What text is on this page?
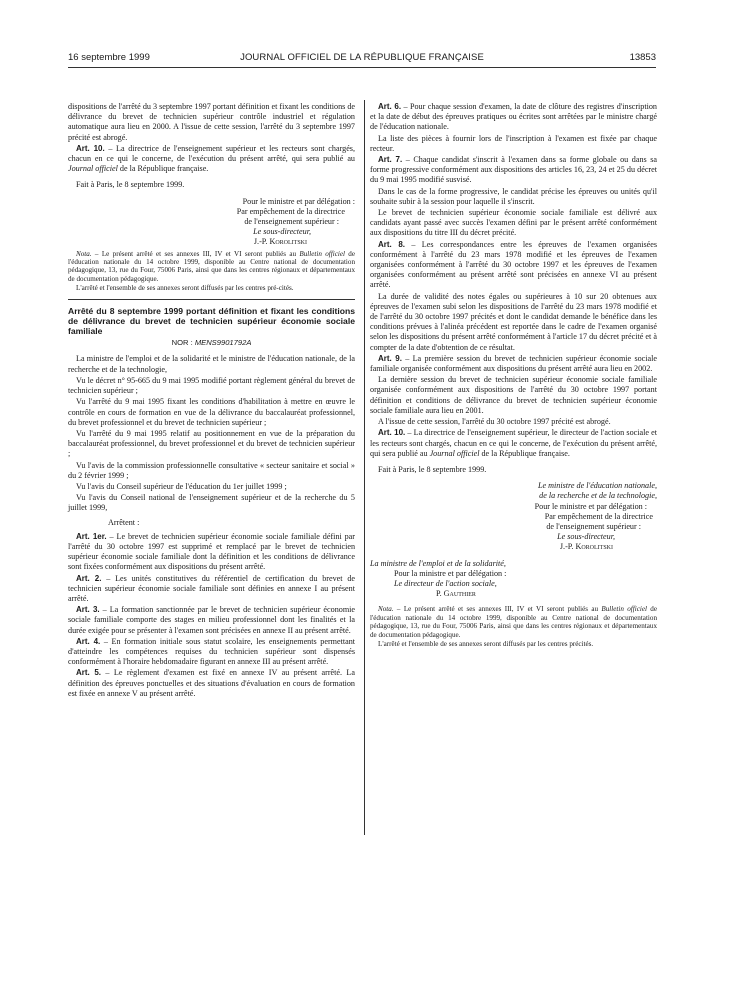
16 septembre 1999	JOURNAL OFFICIEL DE LA RÉPUBLIQUE FRANÇAISE	13853

dispositions de l'arrêté du 3 septembre 1997 portant définition et fixant les conditions de délivrance du brevet de technicien supérieur contrôle industriel et régulation automatique aura lieu en 2000. A l'issue de cette session, l'arrêté du 3 septembre 1997 précité est abrogé.

Art. 10. – La directrice de l'enseignement supérieur et les recteurs sont chargés, chacun en ce qui le concerne, de l'exécution du présent arrêté, qui sera publié au Journal officiel de la République française.

Fait à Paris, le 8 septembre 1999.

Pour le ministre et par délégation :
Par empêchement de la directrice
de l'enseignement supérieur :
Le sous-directeur,
J.-P. Korolitski

Nota. – Le présent arrêté et ses annexes III, IV et VI seront publiés au Bulletin officiel de l'éducation nationale du 14 octobre 1999, disponible au Centre national de documentation pédagogique, 13, rue du Four, 75006 Paris, ainsi que dans les centres régionaux et départementaux de documentation pédagogique.

L'arrêté et l'ensemble de ses annexes seront diffusés par les centres pré-cités.

Arrêté du 8 septembre 1999 portant définition et fixant les conditions de délivrance du brevet de technicien supérieur économie sociale familiale
NOR : MENS9901792A

La ministre de l'emploi et de la solidarité et le ministre de l'éducation nationale, de la recherche et de la technologie,

Vu le décret n° 95-665 du 9 mai 1995 modifié portant règlement général du brevet de technicien supérieur ;

Vu l'arrêté du 9 mai 1995 fixant les conditions d'habilitation à mettre en œuvre le contrôle en cours de formation en vue de la délivrance du baccalauréat professionnel, du brevet professionnel et du brevet de technicien supérieur ;

Vu l'arrêté du 9 mai 1995 relatif au positionnement en vue de la préparation du baccalauréat professionnel, du brevet professionnel et du brevet de technicien supérieur ;

Vu l'avis de la commission professionnelle consultative « secteur sanitaire et social » du 2 février 1999 ;

Vu l'avis du Conseil supérieur de l'éducation du 1er juillet 1999 ;

Vu l'avis du Conseil national de l'enseignement supérieur et de la recherche du 5 juillet 1999,

Arrêtent :

Art. 1er. – Le brevet de technicien supérieur économie sociale familiale défini par l'arrêté du 30 octobre 1997 est supprimé et remplacé par le brevet de technicien supérieur économie sociale familiale dont la définition et les conditions de délivrance sont fixées conformément aux dispositions du présent arrêté.

Art. 2. – Les unités constitutives du référentiel de certification du brevet de technicien supérieur économie sociale familiale sont définies en annexe I au présent arrêté.

Art. 3. – La formation sanctionnée par le brevet de technicien supérieur économie sociale familiale comporte des stages en milieu professionnel dont les finalités et la durée exigée pour se présenter à l'examen sont précisées en annexe II au présent arrêté.

Art. 4. – En formation initiale sous statut scolaire, les enseignements permettant d'atteindre les compétences requises du technicien supérieur sont dispensés conformément à l'horaire hebdomadaire figurant en annexe III au présent arrêté.

Art. 5. – Le règlement d'examen est fixé en annexe IV au présent arrêté. La définition des épreuves ponctuelles et des situations d'évaluation en cours de formation est fixée en annexe V au présent arrêté.

Art. 6. – Pour chaque session d'examen, la date de clôture des registres d'inscription et la date de début des épreuves pratiques ou écrites sont arrêtées par le ministre chargé de l'éducation nationale.

La liste des pièces à fournir lors de l'inscription à l'examen est fixée par chaque recteur.

Art. 7. – Chaque candidat s'inscrit à l'examen dans sa forme globale ou dans sa forme progressive conformément aux dispositions des articles 16, 23, 24 et 25 du décret du 9 mai 1995 modifié susvisé.

Dans le cas de la forme progressive, le candidat précise les épreuves ou unités qu'il souhaite subir à la session pour laquelle il s'inscrit.

Le brevet de technicien supérieur économie sociale familiale est délivré aux candidats ayant passé avec succès l'examen défini par le présent arrêté conformément aux dispositions du titre III du décret précité.

Art. 8. – Les correspondances entre les épreuves de l'examen organisées conformément à l'arrêté du 23 mars 1978 modifié et les épreuves de l'examen organisées conformément à l'arrêté du 30 octobre 1997 et les épreuves de l'examen organisées conformément au présent arrêté sont précisées en annexe VI au présent arrêté.

La durée de validité des notes égales ou supérieures à 10 sur 20 obtenues aux épreuves de l'examen subi selon les dispositions de l'arrêté du 23 mars 1978 modifié et de l'arrêté du 30 octobre 1997 précités et dont le candidat demande le bénéfice dans les conditions prévues à l'alinéa précédent est reportée dans le cadre de l'examen organisé selon les dispositions du présent arrêté conformément à l'article 17 du décret précité et à compter de la date d'obtention de ce résultat.

Art. 9. – La première session du brevet de technicien supérieur économie sociale familiale organisée conformément aux dispositions du présent arrêté aura lieu en 2002.

La dernière session du brevet de technicien supérieur économie sociale familiale organisée conformément aux dispositions de l'arrêté du 30 octobre 1997 portant définition et conditions de délivrance du brevet de technicien supérieur économie sociale familiale aura lieu en 2001.

A l'issue de cette session, l'arrêté du 30 octobre 1997 précité est abrogé.

Art. 10. – La directrice de l'enseignement supérieur, le directeur de l'action sociale et les recteurs sont chargés, chacun en ce qui le concerne, de l'exécution du présent arrêté, qui sera publié au Journal officiel de la République française.

Fait à Paris, le 8 septembre 1999.

Le ministre de l'éducation nationale,
de la recherche et de la technologie,
Pour le ministre et par délégation :
Par empêchement de la directrice
de l'enseignement supérieur :
Le sous-directeur,
J.-P. Korolitski
La ministre de l'emploi et de la solidarité,
Pour la ministre et par délégation :
Le directeur de l'action sociale,
P. Gauthier

Nota. – Le présent arrêté et ses annexes III, IV et VI seront publiés au Bulletin officiel de l'éducation nationale du 14 octobre 1999, disponible au Centre national de documentation pédagogique, 13, rue du Four, 75006 Paris, ainsi que dans les centres régionaux et départementaux de documentation pédagogique.

L'arrêté et l'ensemble de ses annexes seront diffusés par les centres précités.
